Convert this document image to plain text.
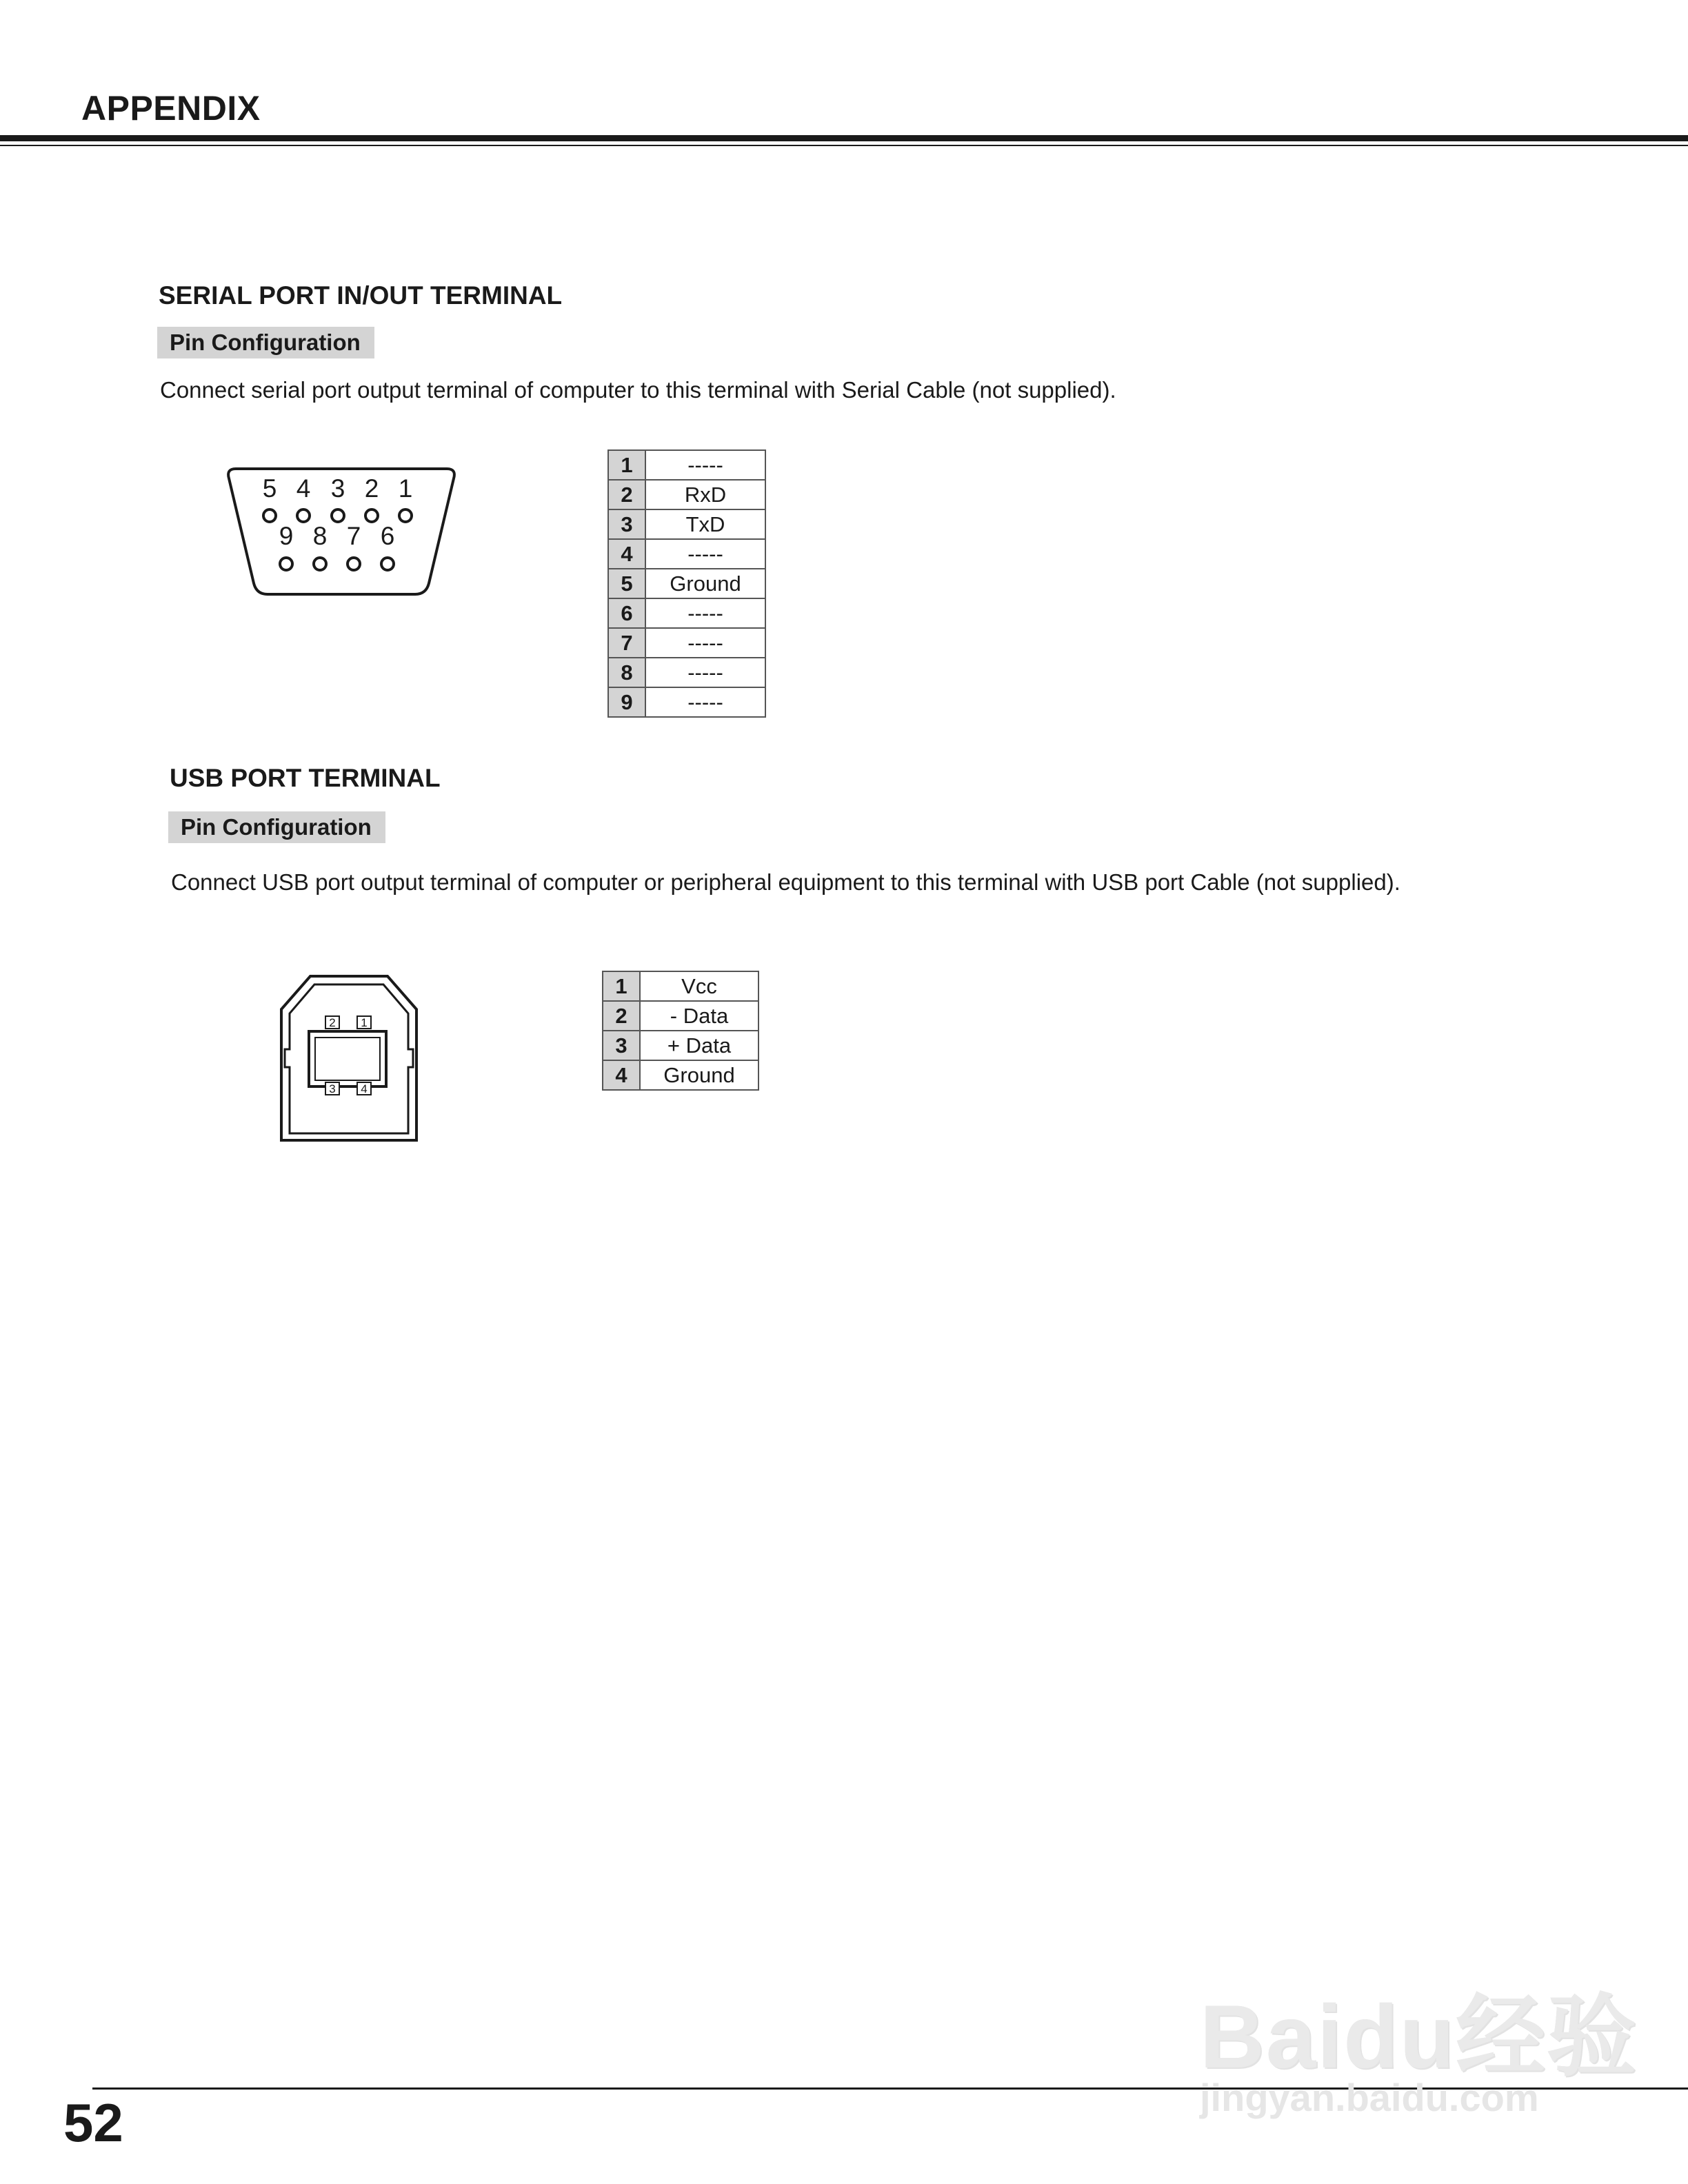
APPENDIX
SERIAL PORT IN/OUT TERMINAL
Pin Configuration
Connect serial port output terminal of computer to this terminal with Serial Cable (not supplied).
5 4 3 2 1
9 8 7 6
1	-----
2	RxD
3	TxD
4	-----
5	Ground
6	-----
7	-----
8	-----
9	-----
USB PORT TERMINAL
Pin Configuration
Connect USB port output terminal of computer or peripheral equipment to this terminal with USB port Cable (not supplied).
2 1
3 4
1	Vcc
2	- Data
3	+ Data
4	Ground
52
Baidu经验
jingyan.baidu.com
